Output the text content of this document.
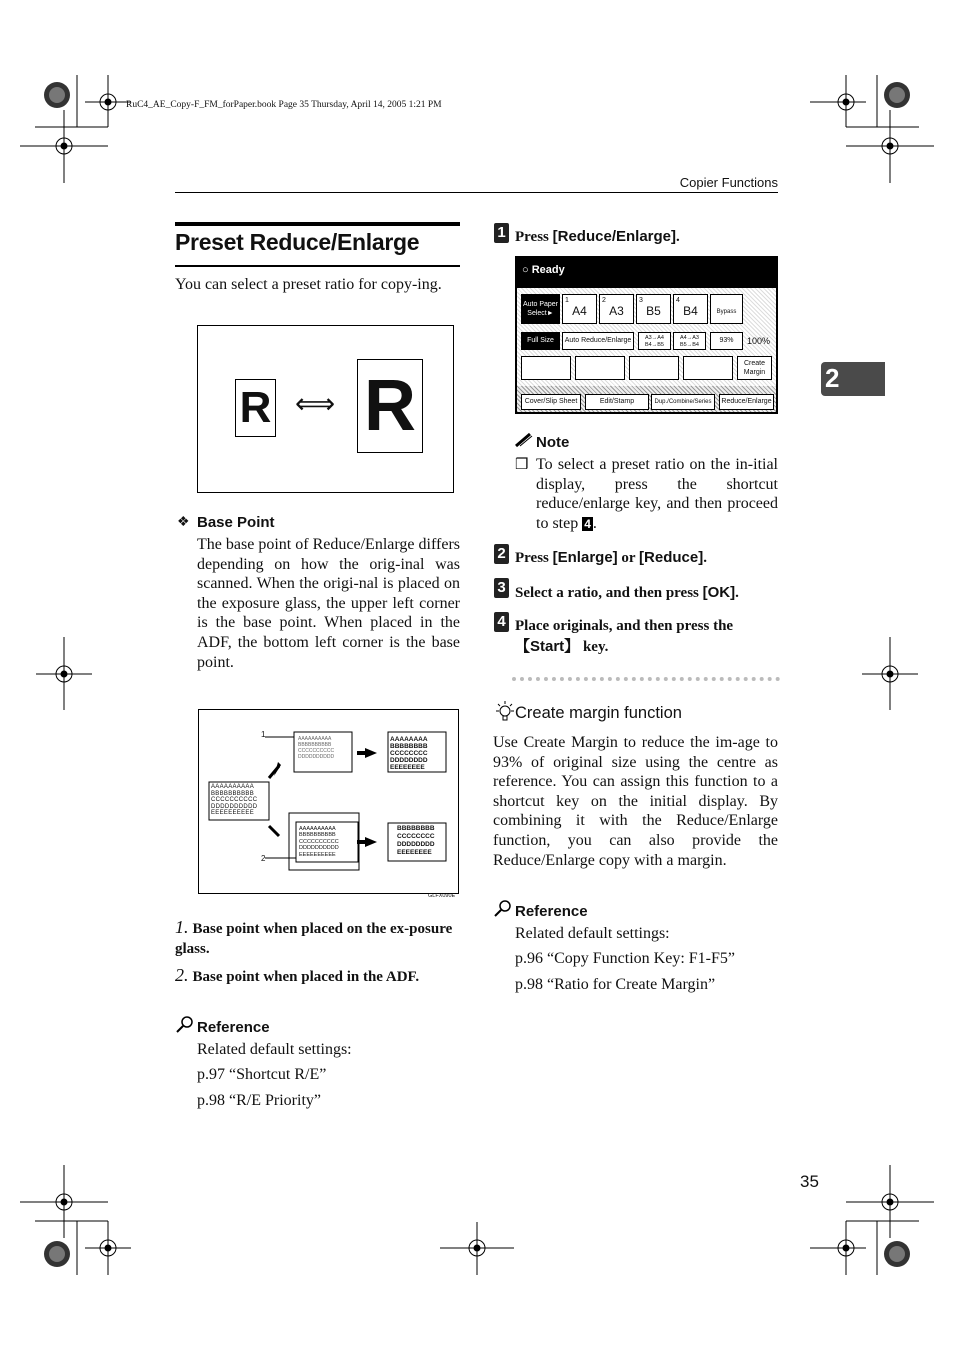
RuC4_AE_Copy-F_FM_forPaper.book Page 35 Thursday, April 14, 2005 1:21 PM
Copier Functions
2
Preset Reduce/Enlarge
You can select a preset ratio for copy-ing.
R ⟺ R
❖ Base Point
The base point of Reduce/Enlarge differs depending on how the orig-inal was scanned. When the origi-nal is placed on the exposure glass, the upper left corner is the base point. When placed in the ADF, the bottom left corner is the base point.
1
2
GLFX090E
AAAAAAAAAA
BBBBBBBBBB
CCCCCCCCCC
DDDDDDDDDD
EEEEEEEEEE
AAAAAAAAAA
BBBBBBBBBB
CCCCCCCCCC
DDDDDDDDDD
AAAAAAAA
BBBBBBBB
CCCCCCCC
DDDDDDDD
EEEEEEEE
AAAAAAAAAA
BBBBBBBBBB
CCCCCCCCCC
DDDDDDDDDD
EEEEEEEEEE
BBBBBBBB
CCCCCCCC
DDDDDDDD
EEEEEEEE
1. Base point when placed on the ex-posure glass.
2. Base point when placed in the ADF.
Reference
Related default settings:
p.97 “Shortcut R/E”
p.98 “R/E Priority”
1 Press [Reduce/Enlarge].
○ Ready
Auto Paper Select►
1
A4
2
A3
3
B5
4
B4	Bypass
Full Size	Auto Reduce/Enlarge	A3→A4 B4→B5
A4→A3 B5→B4
93%	100%
Create Margin
Cover/Slip Sheet	Edit/Stamp	Dup./Combine/Series	Reduce/Enlarge
Note
❒ To select a preset ratio on the in-itial display, press the shortcut reduce/enlarge key, and then proceed to step 4 .
2 Press [Enlarge] or [Reduce].
3 Select a ratio, and then press [OK].
4 Place originals, and then press the 【Start】 key.
Create margin function
Use Create Margin to reduce the im-age to 93% of original size using the centre as reference. You can assign this function to a shortcut key on the initial display. By combining it with the Reduce/Enlarge function, you can also provide the Reduce/Enlarge copy with a margin.
Reference
Related default settings:
p.96 “Copy Function Key: F1-F5”
p.98 “Ratio for Create Margin”
35
